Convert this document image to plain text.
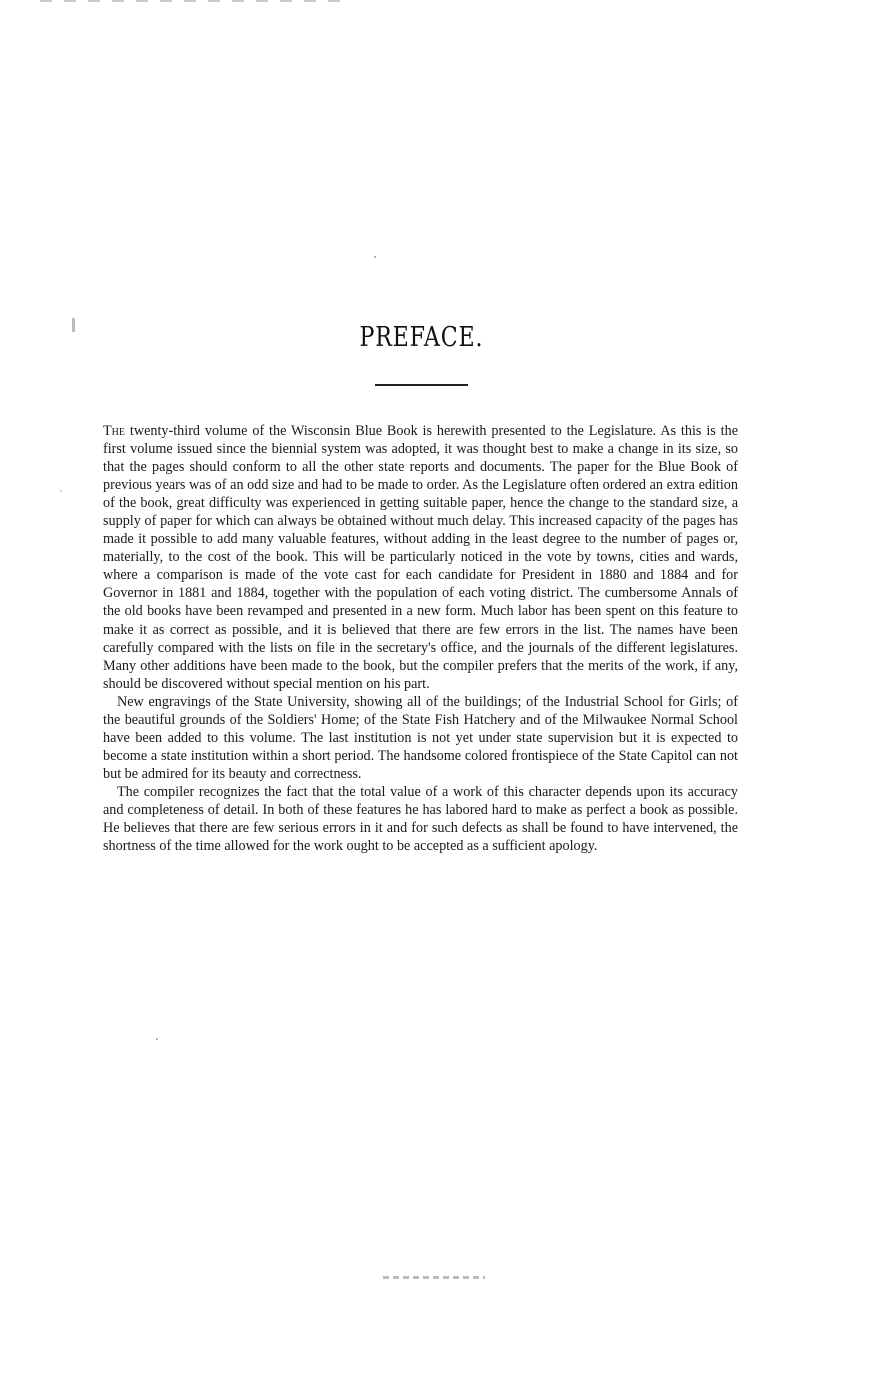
PREFACE.

The twenty-third volume of the Wisconsin Blue Book is herewith presented to the Legislature. As this is the first volume issued since the biennial system was adopted, it was thought best to make a change in its size, so that the pages should conform to all the other state reports and documents. The paper for the Blue Book of previous years was of an odd size and had to be made to order. As the Legislature often ordered an extra edition of the book, great difficulty was experienced in getting suitable paper, hence the change to the standard size, a supply of paper for which can always be obtained without much delay. This increased capacity of the pages has made it possible to add many valuable features, without adding in the least degree to the number of pages or, materially, to the cost of the book. This will be particularly noticed in the vote by towns, cities and wards, where a comparison is made of the vote cast for each candidate for President in 1880 and 1884 and for Governor in 1881 and 1884, together with the population of each voting district. The cumbersome Annals of the old books have been revamped and presented in a new form. Much labor has been spent on this feature to make it as correct as possible, and it is believed that there are few errors in the list. The names have been carefully compared with the lists on file in the secretary's office, and the journals of the different legislatures. Many other additions have been made to the book, but the compiler prefers that the merits of the work, if any, should be discovered without special mention on his part.

New engravings of the State University, showing all of the buildings; of the Industrial School for Girls; of the beautiful grounds of the Soldiers' Home; of the State Fish Hatchery and of the Milwaukee Normal School have been added to this volume. The last institution is not yet under state supervision but it is expected to become a state institution within a short period. The handsome colored frontispiece of the State Capitol can not but be admired for its beauty and correctness.

The compiler recognizes the fact that the total value of a work of this character depends upon its accuracy and completeness of detail. In both of these features he has labored hard to make as perfect a book as possible. He believes that there are few serious errors in it and for such defects as shall be found to have intervened, the shortness of the time allowed for the work ought to be accepted as a sufficient apology.
